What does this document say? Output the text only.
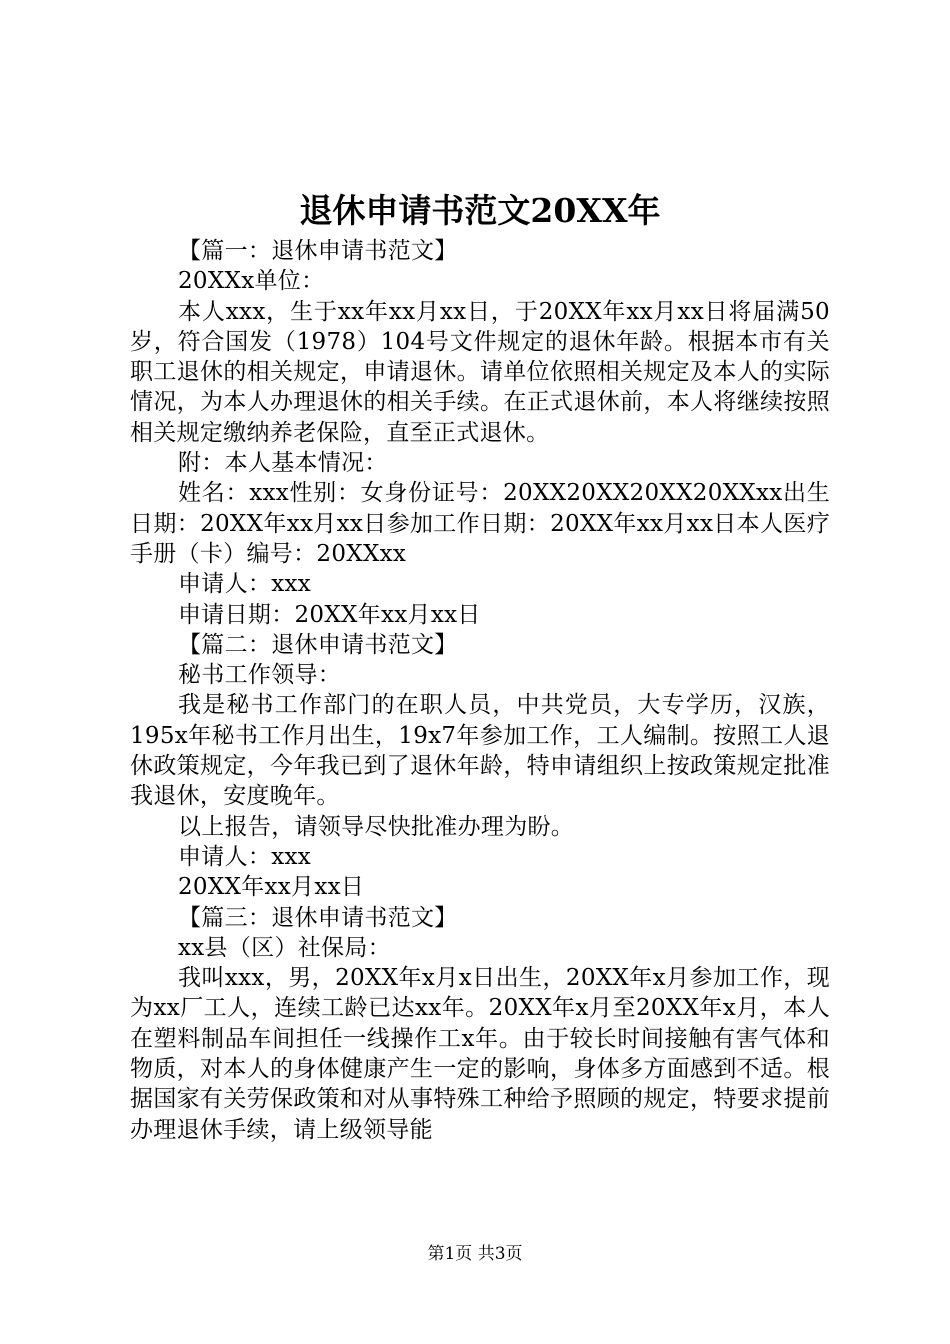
退休申请书范文20XX年

【篇一：退休申请书范文】

20XXx单位：

本人xxx，生于xx年xx月xx日，于20XX年xx月xx日将届满50岁，符合国发（1978）104号文件规定的退休年龄。根据本市有关职工退休的相关规定，申请退休。请单位依照相关规定及本人的实际情况，为本人办理退休的相关手续。在正式退休前，本人将继续按照相关规定缴纳养老保险，直至正式退休。

附：本人基本情况：

姓名：xxx性别：女身份证号：20XX20XX20XX20XXxx出生日期：20XX年xx月xx日参加工作日期：20XX年xx月xx日本人医疗手册（卡）编号：20XXxx

申请人：xxx

申请日期：20XX年xx月xx日

【篇二：退休申请书范文】

秘书工作领导：

我是秘书工作部门的在职人员，中共党员，大专学历，汉族，195x年秘书工作月出生，19x7年参加工作，工人编制。按照工人退休政策规定，今年我已到了退休年龄，特申请组织上按政策规定批准我退休，安度晚年。

以上报告，请领导尽快批准办理为盼。

申请人：xxx

20XX年xx月xx日

【篇三：退休申请书范文】

xx县（区）社保局：

我叫xxx，男，20XX年x月x日出生，20XX年x月参加工作，现为xx厂工人，连续工龄已达xx年。20XX年x月至20XX年x月，本人在塑料制品车间担任一线操作工x年。由于较长时间接触有害气体和物质，对本人的身体健康产生一定的影响，身体多方面感到不适。根据国家有关劳保政策和对从事特殊工种给予照顾的规定，特要求提前办理退休手续，请上级领导能

第1页 共3页
